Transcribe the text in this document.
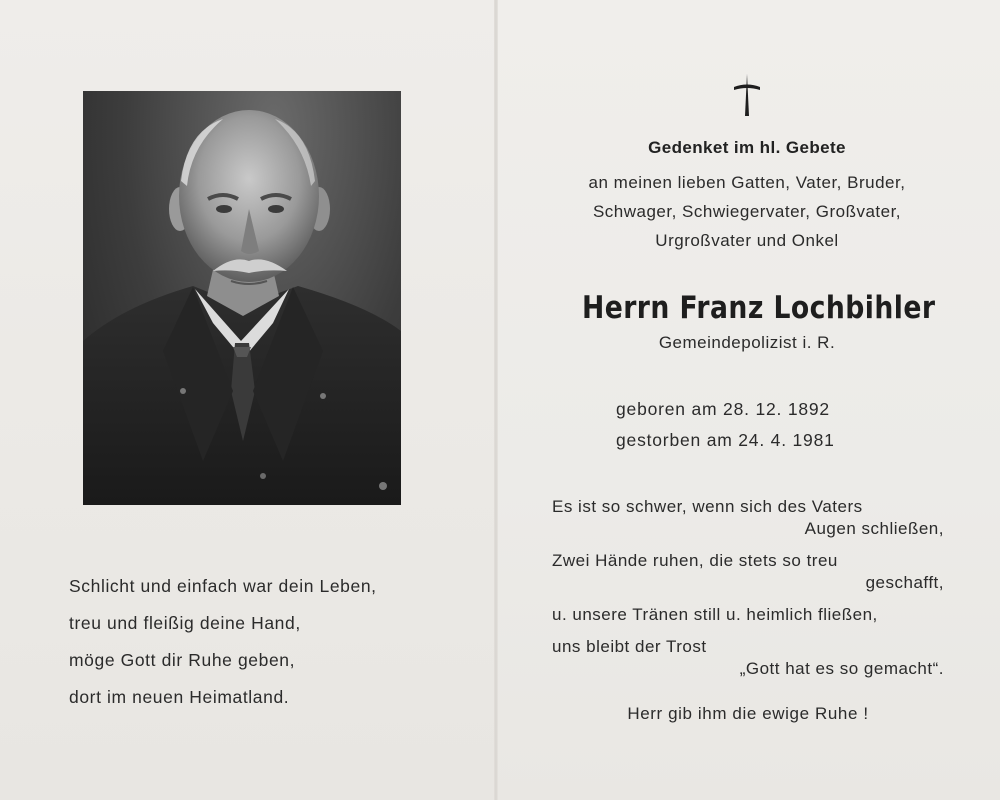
Schlicht und einfach war dein Leben,
treu und fleißig deine Hand,
möge Gott dir Ruhe geben,
dort im neuen Heimatland.
Gedenket im hl. Gebete
an meinen lieben Gatten, Vater, Bruder,
Schwager, Schwiegervater, Großvater,
Urgroßvater und Onkel
Herrn Franz Lochbihler
Gemeindepolizist i. R.
geboren am 28. 12. 1892
gestorben am 24. 4. 1981
Es ist so schwer, wenn sich des Vaters
Augen schließen,
Zwei Hände ruhen, die stets so treu
geschafft,
u. unsere Tränen still u. heimlich fließen,
uns bleibt der Trost
„Gott hat es so gemacht“.
Herr gib ihm die ewige Ruhe !
